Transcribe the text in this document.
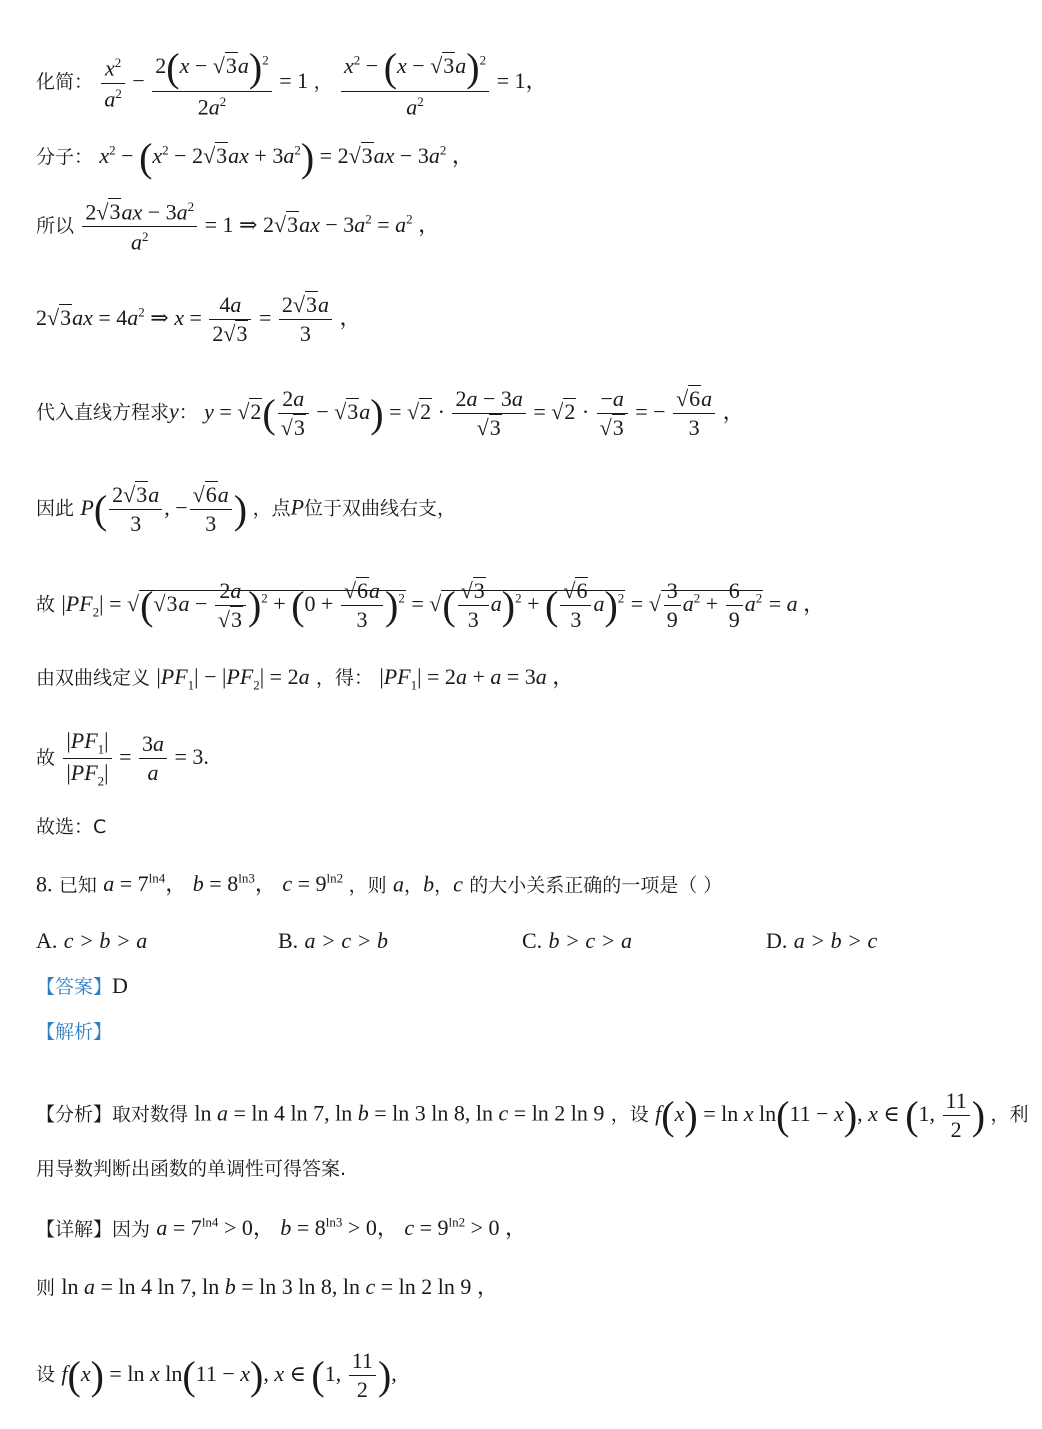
化简： $\frac{x^2}{a^2} - \frac{2(x - √3a)^2}{2a^2} = 1$ ， $\frac{x^2 - (x - √3a)^2}{a^2} = 1$，
分子： $x^2 - (x^2 - 2√3ax + 3a^2) = 2√3ax - 3a^2$ ，
所以 $\frac{2√3ax - 3a^2}{a^2} = 1$ ⇒ $2√3ax - 3a^2 = a^2$ ，
$2√3ax = 4a^2$ ⇒ $x = \frac{4a}{2√3} = \frac{2√3a}{3}$ ，
代入直线方程求y： $y = √2( \frac{2a}{√3} - √3a) = √2 \cdot \frac{2a - 3a}{√3} = √2 \cdot \frac{-a}{√3}$ = − $\frac{√6a}{3}$ ，
因此 $P( \frac{2√3a}{3}$ , − $\frac{√6a}{3}$ ) ，点P位于双曲线右支，
故 $|PF_2| = √(√3a - \frac{2a}{√3} )^2 + (0 + \frac{√6a}{3} )^2$ = √( $\frac{√3}{3} a)^2$ + ( $\frac{√6}{3} a)^2$ = √ $\frac{3}{9} a^2 + \frac{6}{9} a^2 = a$ ，
由双曲线定义 $|PF_1| - |PF_2| = 2a$ ，得： $|PF_1| = 2a + a = 3a$ ，
故 $\frac{|PF_1|}{|PF_2|} = \frac{3a}{a} = 3$.
故选：C
8. 已知 $a = 7^{ln4}$， $b = 8^{ln3}$， $c = 9^{ln2}$ ，则 a，b，c 的大小关系正确的一项是（ ）
A. c > b > a	B. a > c > b	C. b > c > a	D. a > b > c
【答案】D
【解析】
【分析】取对数得 ln a = ln 4 ln 7, ln b = ln 3 ln 8, ln c = ln 2 ln 9 ，设 f(x) = ln x ln(11 − x), x ∈ (1, $\frac{11}{2}$ ) ，利
用导数判断出函数的单调性可得答案.
【详解】因为 $a = 7^{ln4} > 0$， $b = 8^{ln3} > 0$， $c = 9^{ln2} > 0$ ，
则 ln a = ln 4 ln 7, ln b = ln 3 ln 8, ln c = ln 2 ln 9 ，
设 f(x) = ln x ln(11 − x), x ∈ (1, $\frac{11}{2}$ ),
